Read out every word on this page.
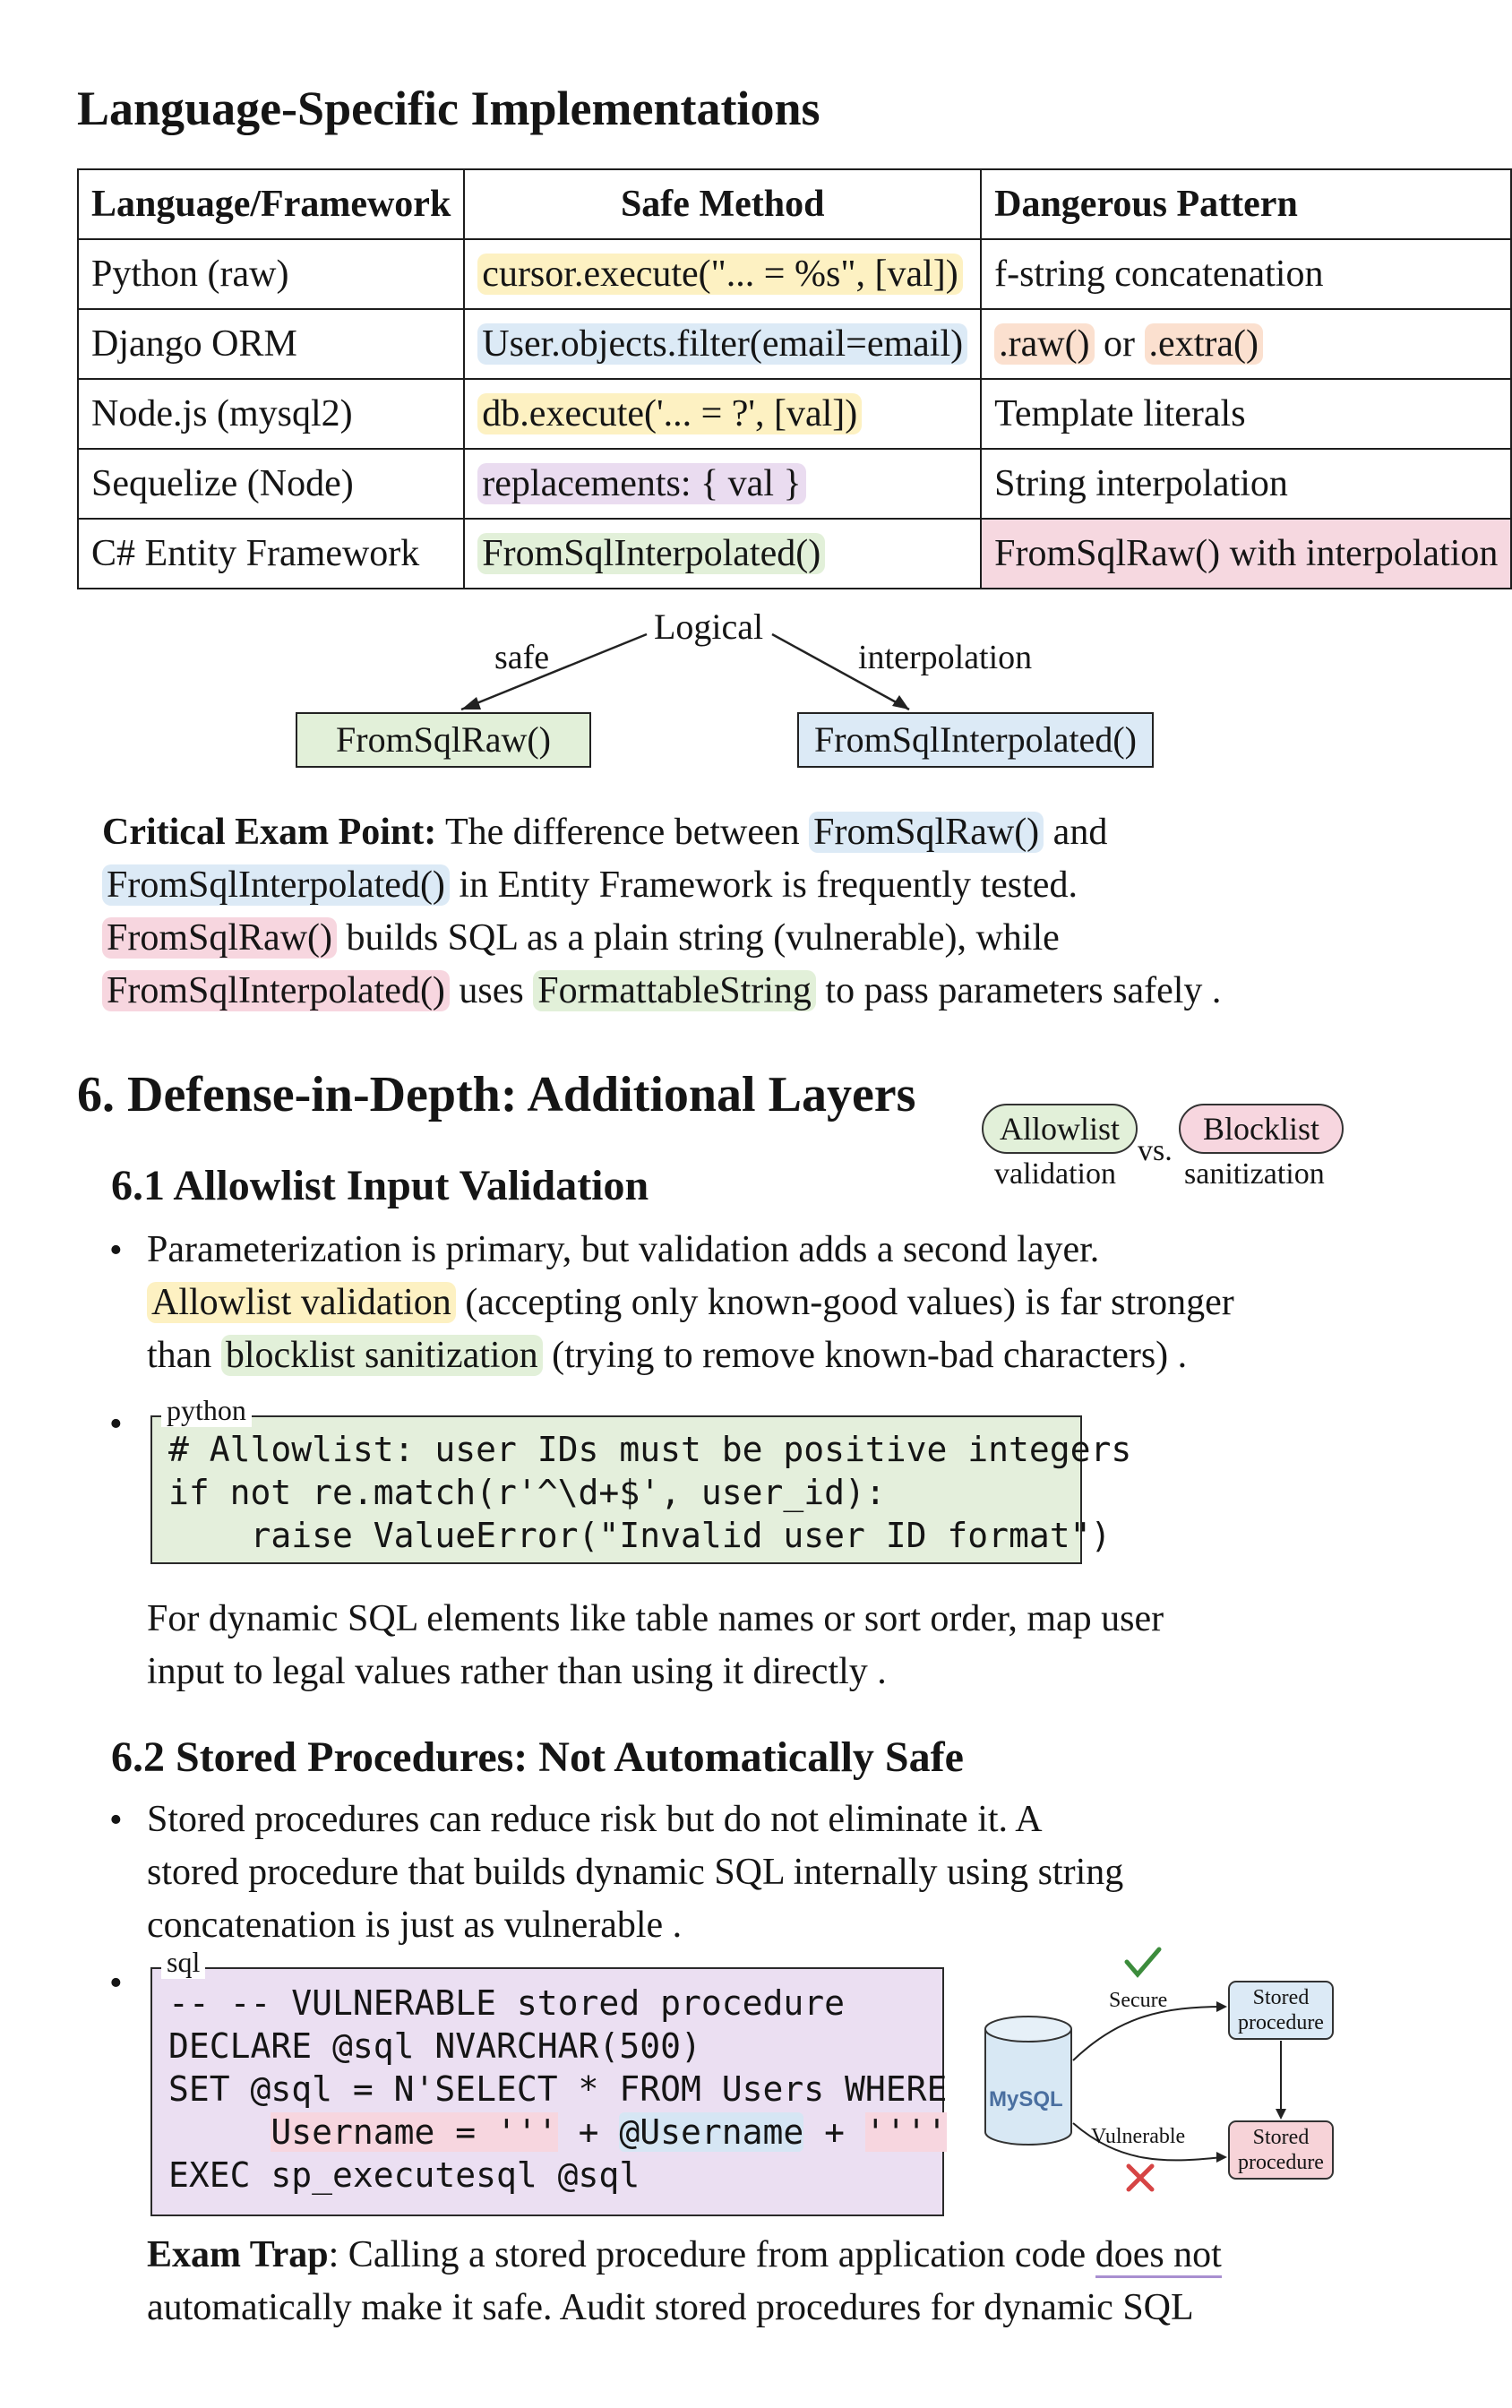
Language-Specific Implementations
Language/Framework	Safe Method	Dangerous Pattern
Python (raw)	cursor.execute("... = %s", [val])	f-string concatenation
Django ORM	User.objects.filter(email=email)	.raw() or .extra()
Node.js (mysql2)	db.execute('... = ?', [val])	Template literals
Sequelize (Node)	replacements: { val }	String interpolation
C# Entity Framework	FromSqlInterpolated()	FromSqlRaw() with interpolation
Logical
safe	interpolation
FromSqlRaw()	FromSqlInterpolated()
Critical Exam Point: The difference between FromSqlRaw() and
FromSqlInterpolated() in Entity Framework is frequently tested.
FromSqlRaw() builds SQL as a plain string (vulnerable), while
FromSqlInterpolated() uses FormattableString to pass parameters safely .
6. Defense-in-Depth: Additional Layers
Allowlist
validation
vs.
Blocklist
sanitization
6.1 Allowlist Input Validation
• Parameterization is primary, but validation adds a second layer.
Allowlist validation (accepting only known-good values) is far stronger
than blocklist sanitization (trying to remove known-bad characters) .
•
# Allowlist: user IDs must be positive integers
if not re.match(r'^\d+$', user_id):
raise ValueError("Invalid user ID format")
python
For dynamic SQL elements like table names or sort order, map user
input to legal values rather than using it directly .
6.2 Stored Procedures: Not Automatically Safe
• Stored procedures can reduce risk but do not eliminate it. A
stored procedure that builds dynamic SQL internally using string
concatenation is just as vulnerable .
• -- -- VULNERABLE stored procedure
DECLARE @sql NVARCHAR(500)
SET @sql = N'SELECT * FROM Users WHERE
Username = ''' + @Username + ''''
EXEC sp_executesql @sql
sql
MySQL
Secure
Vulnerable
Stored procedure
Stored procedure
Exam Trap: Calling a stored procedure from application code does not
automatically make it safe. Audit stored procedures for dynamic SQL
